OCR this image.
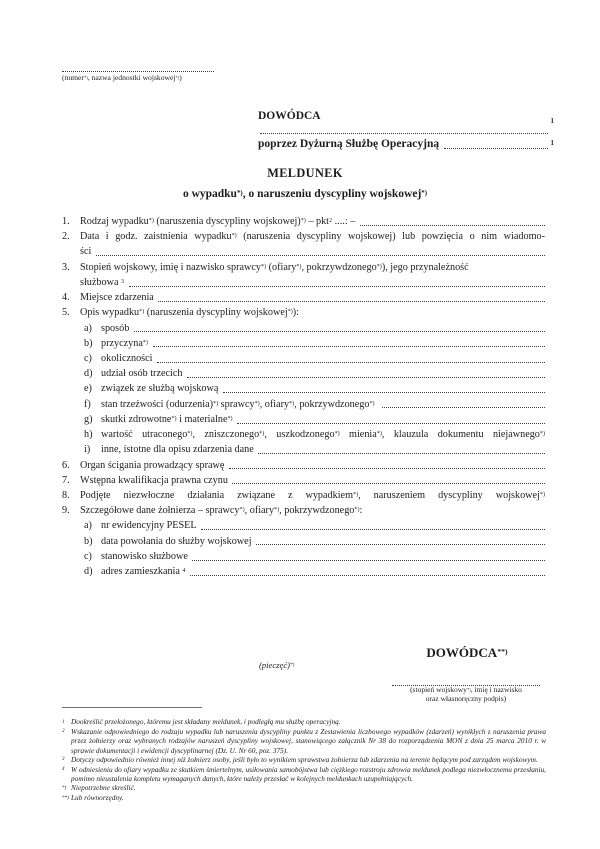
(numer*), nazwa jednostki wojskowej*))
DOWÓDCA	$^1$
poprzez Dyżurną Służbę Operacyjną	$^1$
MELDUNEK
o wypadku*), o naruszeniu dyscypliny wojskowej*)
1.	Rodzaj wypadku*) (naruszenia dyscypliny wojskowej)*) – pkt$^2$ ....: –
2.	Data i godz. zaistnienia wypadku*) (naruszenia dyscypliny wojskowej) lub powzięcia o nim wiadomo-
ści
3.	Stopień wojskowy, imię i nazwisko sprawcy*) (ofiary*) , pokrzywdzonego*) ), jego przynależność
służbowa $^3$

4.	Miejsce zdarzenia
5.	Opis wypadku*) (naruszenia dyscypliny wojskowej*) ):
a) sposób
b) przyczyna*)

c) okoliczności
d) udział osób trzecich
e) związek ze służbą wojskową
f)	stan trzeźwości (odurzenia)*) sprawcy*) , ofiary*) , pokrzywdzonego*)

g) skutki zdrowotne*) i materialne*)

h) wartość utraconego*), zniszczonego*), uszkodzonego*) mienia*), klauzula dokumentu niejawnego*)
i)	inne, istotne dla opisu zdarzenia dane
6.	Organ ścigania prowadzący sprawę
7.	Wstępna kwalifikacja prawna czynu
8.	Podjęte niezwłoczne działania związane z wypadkiem*), naruszeniem dyscypliny wojskowej*)
9.	Szczegółowe dane żołnierza – sprawcy*) , ofiary*) , pokrzywdzonego*) :
a) nr ewidencyjny PESEL
b) data powołania do służby wojskowej
c) stanowisko służbowe
d) adres zamieszkania $^4$

DOWÓDCA**)
(pieczęć)*)
(stopień wojskowy*), imię i nazwisko
oraz własnoręczny podpis)
1 Dookreślić przełożonego, któremu jest składany meldunek, i podległą mu służbę operacyjną.
2 Wskazanie odpowiedniego do rodzaju wypadku lub naruszenia dyscypliny punktu z Zestawienia liczbowego wypadków (zdarzeń) wynikłych z naruszenia prawa przez żołnierzy oraz wybranych rodzajów naruszeń dyscypliny wojskowej, stanowiącego załącznik Nr 38 do rozporządzenia MON z dnia 25 marca 2010 r. w sprawie dokumentacji i ewidencji dyscyplinarnej (Dz. U. Nr 60, poz. 375).
3 Dotyczy odpowiednio również innej niż żołnierz osoby, jeśli było to wynikiem sprawstwa żołnierza lub zdarzenia na terenie będącym pod zarządem wojskowym.
4 W odniesieniu do ofiary wypadku ze skutkiem śmiertelnym, usiłowania samobójstwa lub ciężkiego rozstroju zdrowia meldunek podlega niezwłocznemu przesłaniu, pomimo nieustalenia kompletu wymaganych danych, które należy przesłać w kolejnych meldunkach uzupełniających.
*) Niepotrzebne skreślić.
**) Lub równorzędny.
